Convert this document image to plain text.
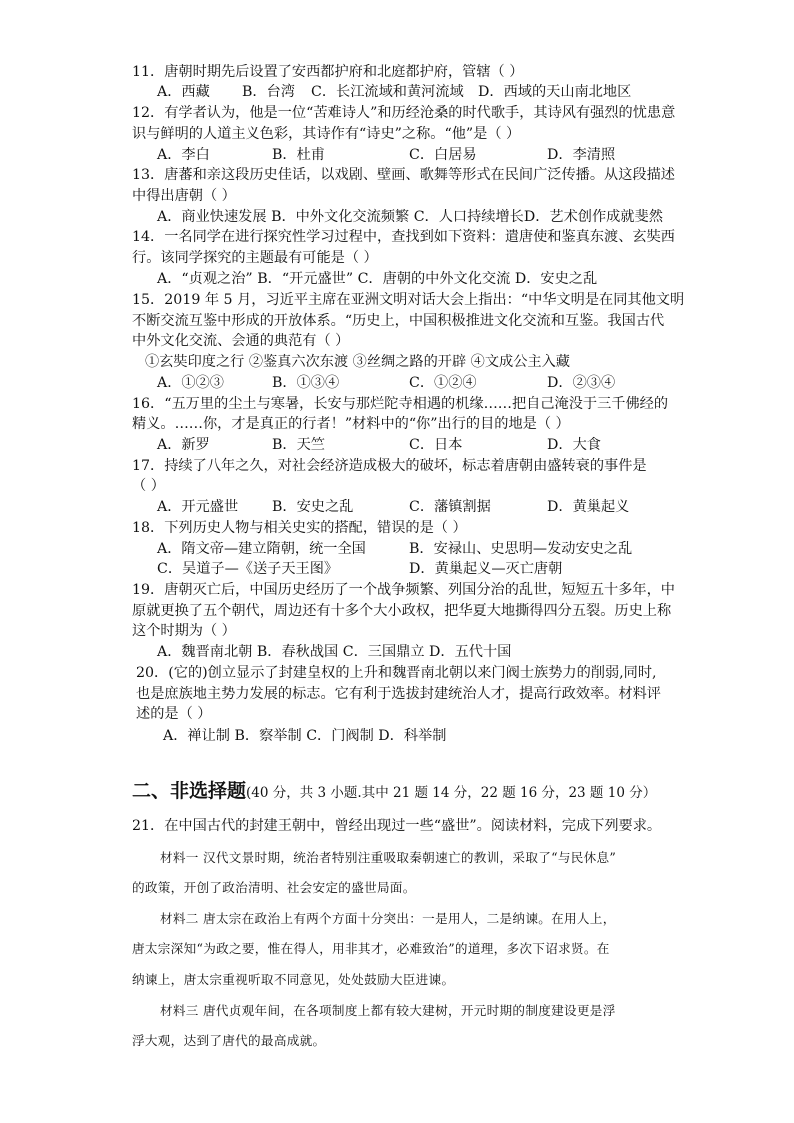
11．唐朝时期先后设置了安西都护府和北庭都护府，管辖（ ）
A．西藏 B．台湾 C．长江流域和黄河流域 D．西域的天山南北地区
12．有学者认为，他是一位“苦难诗人”和历经沧桑的时代歌手，其诗风有强烈的忧患意
识与鲜明的人道主义色彩，其诗作有“诗史”之称。“他”是（ ）
A．李白	B．杜甫	C．白居易	D．李清照
13．唐蕃和亲这段历史佳话，以戏剧、壁画、歌舞等形式在民间广泛传播。从这段描述
中得出唐朝（ ）
A．商业快速发展 B．中外文化交流频繁 C．人口持续增长D．艺术创作成就斐然
14．一名同学在进行探究性学习过程中，查找到如下资料：遣唐使和鉴真东渡、玄奘西
行。该同学探究的主题最有可能是（ ）
A．“贞观之治” B．“开元盛世” C．唐朝的中外文化交流 D．安史之乱
15．2019 年 5 月，习近平主席在亚洲文明对话大会上指出：“中华文明是在同其他文明
不断交流互鉴中形成的开放体系。“历史上，中国积极推进文化交流和互鉴。我国古代
中外文化交流、会通的典范有（ ）
①玄奘印度之行 ②鉴真六次东渡 ③丝绸之路的开辟 ④文成公主入藏
A．①②③	B．①③④	C．①②④	D．②③④
16．“五万里的尘土与寒暑，长安与那烂陀寺相遇的机缘……把自己淹没于三千佛经的
精义。……你，才是真正的行者！”材料中的“你”出行的目的地是（ ）
A．新罗	B．天竺	C．日本	D．大食
17．持续了八年之久，对社会经济造成极大的破坏，标志着唐朝由盛转衰的事件是
（ ）
A．开元盛世 B．安史之乱	C．藩镇割据	D．黄巢起义
18．下列历史人物与相关史实的搭配，错误的是（ ）
A．隋文帝—建立隋朝，统一全国	B．安禄山、史思明—发动安史之乱
C．吴道子—《送子天王图》	D．黄巢起义—灭亡唐朝
19．唐朝灭亡后，中国历史经历了一个战争频繁、列国分治的乱世，短短五十多年，中
原就更换了五个朝代，周边还有十多个大小政权，把华夏大地撕得四分五裂。历史上称
这个时期为（ ）
A．魏晋南北朝 B．春秋战国 C．三国鼎立 D．五代十国
20．(它的)创立显示了封建皇权的上升和魏晋南北朝以来门阀士族势力的削弱,同时,
也是庶族地主势力发展的标志。它有利于选拔封建统治人才，提高行政效率。材料评
述的是（ ）
A．禅让制 B．察举制 C．门阀制 D．科举制
二、非选择题(40 分，共 3 小题.其中 21 题 14 分，22 题 16 分，23 题 10 分）
21．在中国古代的封建王朝中，曾经出现过一些“盛世”。阅读材料，完成下列要求。
材料一 汉代文景时期，统治者特别注重吸取秦朝速亡的教训，采取了“与民休息”
的政策，开创了政治清明、社会安定的盛世局面。
材料二 唐太宗在政治上有两个方面十分突出：一是用人，二是纳谏。在用人上，
唐太宗深知“为政之要，惟在得人，用非其才，必难致治”的道理，多次下诏求贤。在
纳谏上，唐太宗重视听取不同意见，处处鼓励大臣进谏。
材料三 唐代贞观年间，在各项制度上都有较大建树，开元时期的制度建设更是浮
浮大观，达到了唐代的最高成就。
